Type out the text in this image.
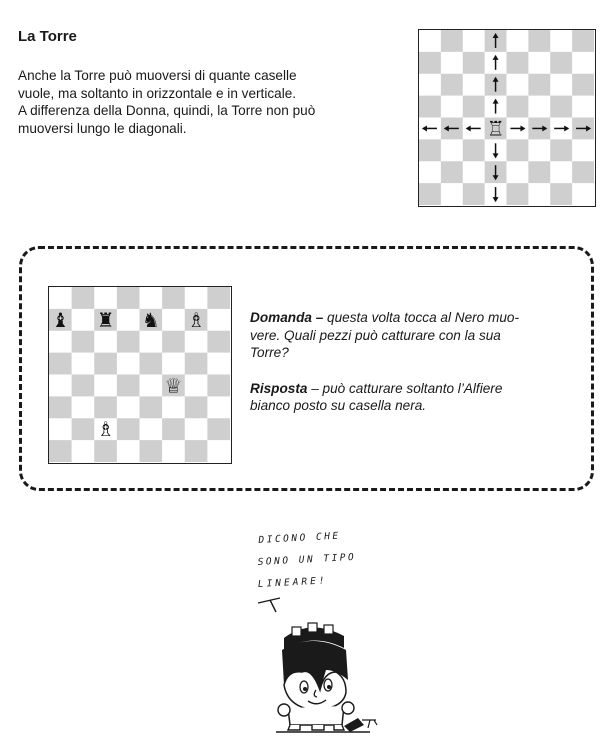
La Torre

Anche la Torre può muoversi di quante caselle
vuole, ma soltanto in orizzontale e in verticale.
A differenza della Donna, quindi, la Torre non può
muoversi lungo le diagonali.	♖
♝ ♜ ♞ ♗
♕
♗
Domanda – questa volta tocca al Nero muo-
vere. Quali pezzi può catturare con la sua
Torre?
Risposta – può catturare soltanto l’Alfiere
bianco posto su casella nera.
DICONO CHE
SONO UN TIPO
LINEARE!
